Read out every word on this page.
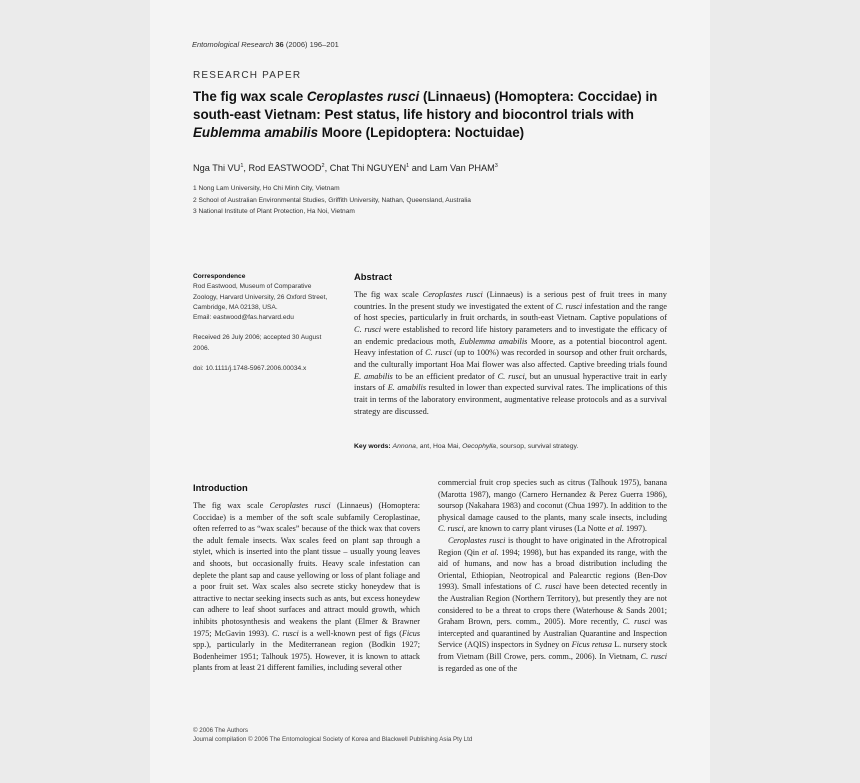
Entomological Research 36 (2006) 196–201
RESEARCH PAPER
The fig wax scale Ceroplastes rusci (Linnaeus) (Homoptera: Coccidae) in south-east Vietnam: Pest status, life history and biocontrol trials with Eublemma amabilis Moore (Lepidoptera: Noctuidae)
Nga Thi $VU^1$, Rod EASTWOOD$^2$, Chat Thi NGUYEN$^1$ and Lam Van PHAM$^3$
1 Nong Lam University, Ho Chi Minh City, Vietnam
2 School of Australian Environmental Studies, Griffith University, Nathan, Queensland, Australia
3 National Institute of Plant Protection, Ha Noi, Vietnam
Correspondence
Rod Eastwood, Museum of Comparative Zoology, Harvard University, 26 Oxford Street, Cambridge, MA 02138, USA.

Email: eastwood@fas.harvard.edu

Received 26 July 2006; accepted 30 August 2006.

doi: 10.1111/j.1748-5967.2006.00034.x

Abstract
The fig wax scale Ceroplastes rusci (Linnaeus) is a serious pest of fruit trees in many countries. In the present study we investigated the extent of C. rusci infestation and the range of host species, particularly in fruit orchards, in south-east Vietnam. Captive populations of C. rusci were established to record life history parameters and to investigate the efficacy of an endemic predacious moth, Eublemma amabilis Moore, as a potential biocontrol agent. Heavy infestation of C. rusci (up to 100%) was recorded in soursop and other fruit orchards, and the culturally important Hoa Mai flower was also affected. Captive breeding trials found E. amabilis to be an efficient predator of C. rusci, but an unusual hyperactive trait in early instars of E. amabilis resulted in lower than expected survival rates. The implications of this trait in terms of the laboratory environment, augmentative release protocols and as a survival strategy are discussed.
Key words: Annona, ant, Hoa Mai, Oecophylla, soursop, survival strategy.
Introduction

The fig wax scale Ceroplastes rusci (Linnaeus) (Homoptera: Coccidae) is a member of the soft scale subfamily Ceroplastinae, often referred to as “wax scales” because of the thick wax that covers the adult female insects. Wax scales feed on plant sap through a stylet, which is inserted into the plant tissue – usually young leaves and shoots, but occasionally fruits. Heavy scale infestation can deplete the plant sap and cause yellowing or loss of plant foliage and a poor fruit set. Wax scales also secrete sticky honeydew that is attractive to nectar seeking insects such as ants, but excess honeydew can adhere to leaf shoot surfaces and attract mould growth, which inhibits photosynthesis and weakens the plant (Elmer & Brawner 1975; McGavin 1993). C. rusci is a well-known pest of figs (Ficus spp.), particularly in the Mediterranean region (Bodkin 1927; Bodenheimer 1951; Talhouk 1975). However, it is known to attack plants from at least 21 different families, including several other

commercial fruit crop species such as citrus (Talhouk 1975), banana (Marotta 1987), mango (Carnero Hernandez & Perez Guerra 1986), soursop (Nakahara 1983) and coconut (Chua 1997). In addition to the physical damage caused to the plants, many scale insects, including C. rusci, are known to carry plant viruses (La Notte et al. 1997).

Ceroplastes rusci is thought to have originated in the Afrotropical Region (Qin et al. 1994; 1998), but has expanded its range, with the aid of humans, and now has a broad distribution including the Oriental, Ethiopian, Neotropical and Palearctic regions (Ben-Dov 1993). Small infestations of C. rusci have been detected recently in the Australian Region (Northern Territory), but presently they are not considered to be a threat to crops there (Waterhouse & Sands 2001; Graham Brown, pers. comm., 2005). More recently, C. rusci was intercepted and quarantined by Australian Quarantine and Inspection Service (AQIS) inspectors in Sydney on Ficus retusa L. nursery stock from Vietnam (Bill Crowe, pers. comm., 2006). In Vietnam, C. rusci is regarded as one of the

© 2006 The Authors
Journal compilation © 2006 The Entomological Society of Korea and Blackwell Publishing Asia Pty Ltd
